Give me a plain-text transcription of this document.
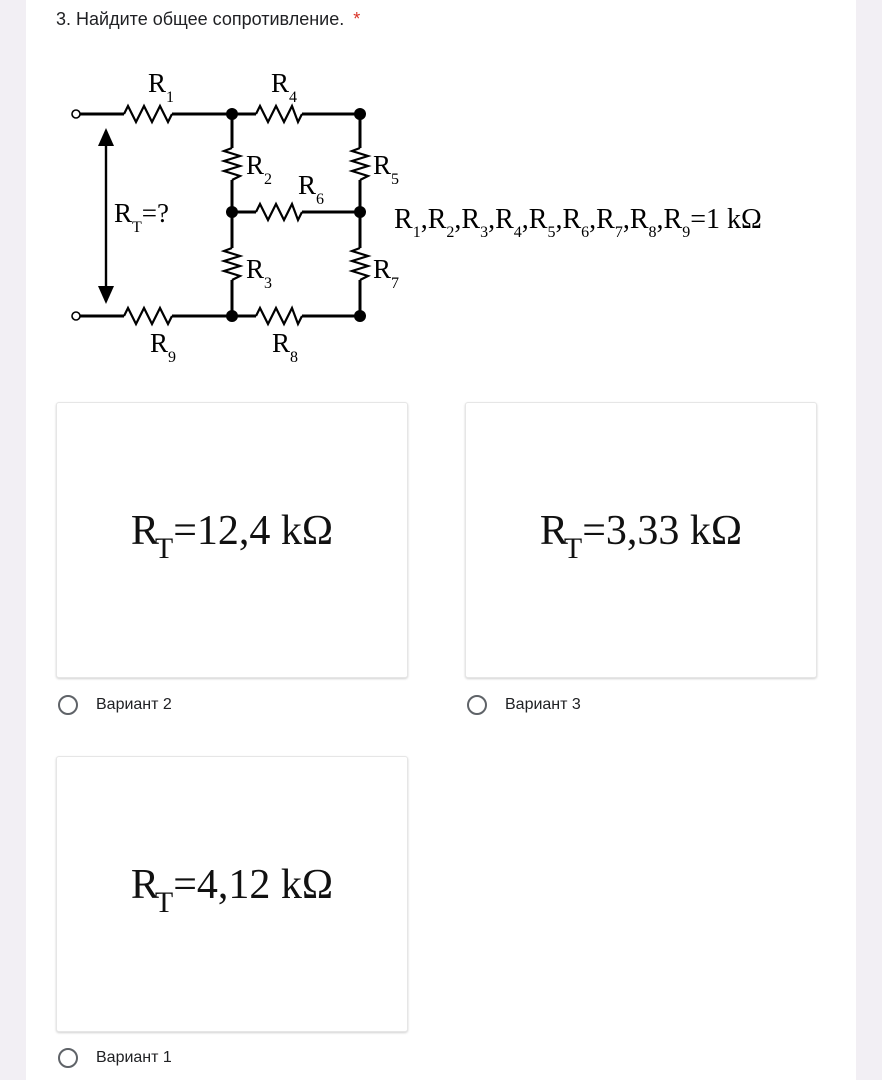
3. Найдите общее сопротивление. *
$R_1$	$R_4$
$R_2$ $R_6$
$R_5$
$R_3$	$R_7$
$R_9$	$R_8$
$R_T=$?	$R_1,R_2,R_3,R_4,R_5,R_6,R_7,R_8,R_9=1$ kΩ
$R_T=12,4$ kΩ
Вариант 2
$R_T=3,33$ kΩ
Вариант 3
$R_T=4,12$ kΩ
Вариант 1
